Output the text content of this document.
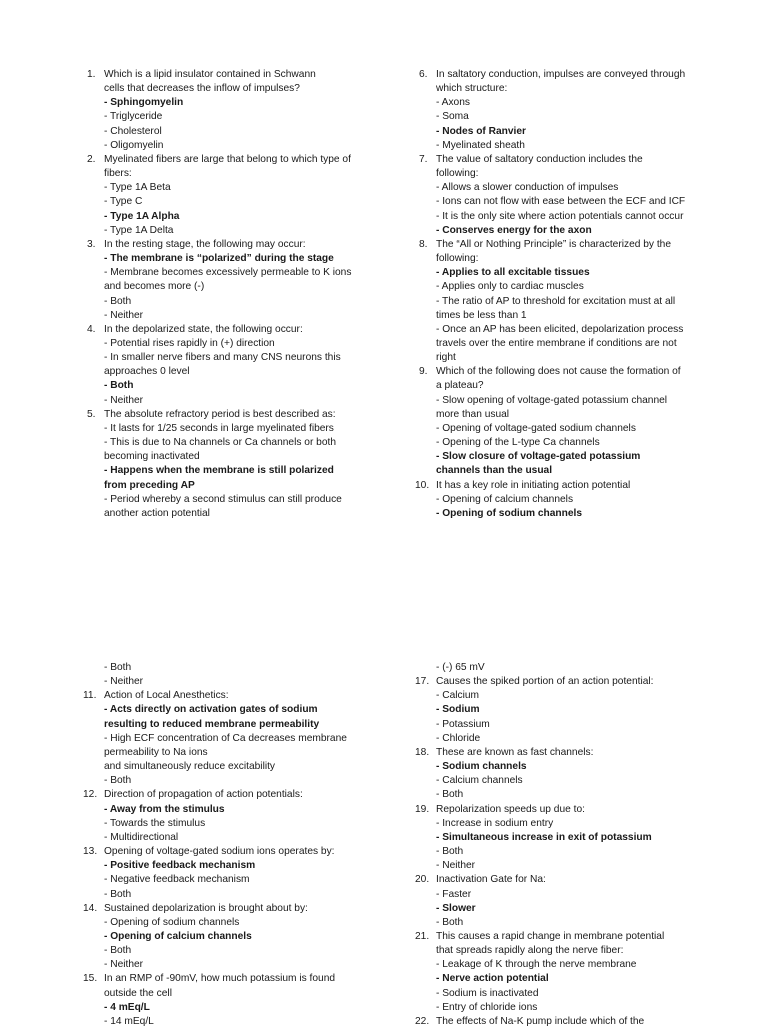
1. Which is a lipid insulator contained in Schwann
cells that decreases the inflow of impulses?
- Sphingomyelin
- Triglyceride
- Cholesterol
- Oligomyelin
2. Myelinated fibers are large that belong to which type of
fibers:
- Type 1A Beta
- Type C
- Type 1A Alpha
- Type 1A Delta
3. In the resting stage, the following may occur:
- The membrane is “polarized” during the stage
- Membrane becomes excessively permeable to K ions
and becomes more (-)
- Both
- Neither
4. In the depolarized state, the following occur:
- Potential rises rapidly in (+) direction
- In smaller nerve fibers and many CNS neurons this
approaches 0 level
- Both
- Neither
5. The absolute refractory period is best described as:
- It lasts for 1/25 seconds in large myelinated fibers
- This is due to Na channels or Ca channels or both
becoming inactivated
- Happens when the membrane is still polarized
from preceding AP
- Period whereby a second stimulus can still produce
another action potential
6. In saltatory conduction, impulses are conveyed through
which structure:
- Axons
- Soma
- Nodes of Ranvier
- Myelinated sheath
7. The value of saltatory conduction includes the
following:
- Allows a slower conduction of impulses
- Ions can not flow with ease between the ECF and ICF
- It is the only site where action potentials cannot occur
- Conserves energy for the axon
8. The “All or Nothing Principle” is characterized by the
following:
- Applies to all excitable tissues
- Applies only to cardiac muscles
- The ratio of AP to threshold for excitation must at all
times be less than 1
- Once an AP has been elicited, depolarization process
travels over the entire membrane if conditions are not
right
9. Which of the following does not cause the formation of
a plateau?
- Slow opening of voltage-gated potassium channel
more than usual
- Opening of voltage-gated sodium channels
- Opening of the L-type Ca channels
- Slow closure of voltage-gated potassium
channels than the usual
10. It has a key role in initiating action potential
- Opening of calcium channels
- Opening of sodium channels
- Both
- Neither
11. Action of Local Anesthetics:
- Acts directly on activation gates of sodium
resulting to reduced membrane permeability
- High ECF concentration of Ca decreases membrane
permeability to Na ions
and simultaneously reduce excitability
- Both
12. Direction of propagation of action potentials:
- Away from the stimulus
- Towards the stimulus
- Multidirectional
13. Opening of voltage-gated sodium ions operates by:
- Positive feedback mechanism
- Negative feedback mechanism
- Both
14. Sustained depolarization is brought about by:
- Opening of sodium channels
- Opening of calcium channels
- Both
- Neither
15. In an RMP of -90mV, how much potassium is found
outside the cell
- 4 mEq/L
- 14 mEq/L
- (-) 65 mV
17. Causes the spiked portion of an action potential:
- Calcium
- Sodium
- Potassium
- Chloride
18. These are known as fast channels:
- Sodium channels
- Calcium channels
- Both
19. Repolarization speeds up due to:
- Increase in sodium entry
- Simultaneous increase in exit of potassium
- Both
- Neither
20. Inactivation Gate for Na:
- Faster
- Slower
- Both
21. This causes a rapid change in membrane potential
that spreads rapidly along the nerve fiber:
- Leakage of K through the nerve membrane
- Nerve action potential
- Sodium is inactivated
- Entry of chloride ions
22. The effects of Na-K pump include which of the
